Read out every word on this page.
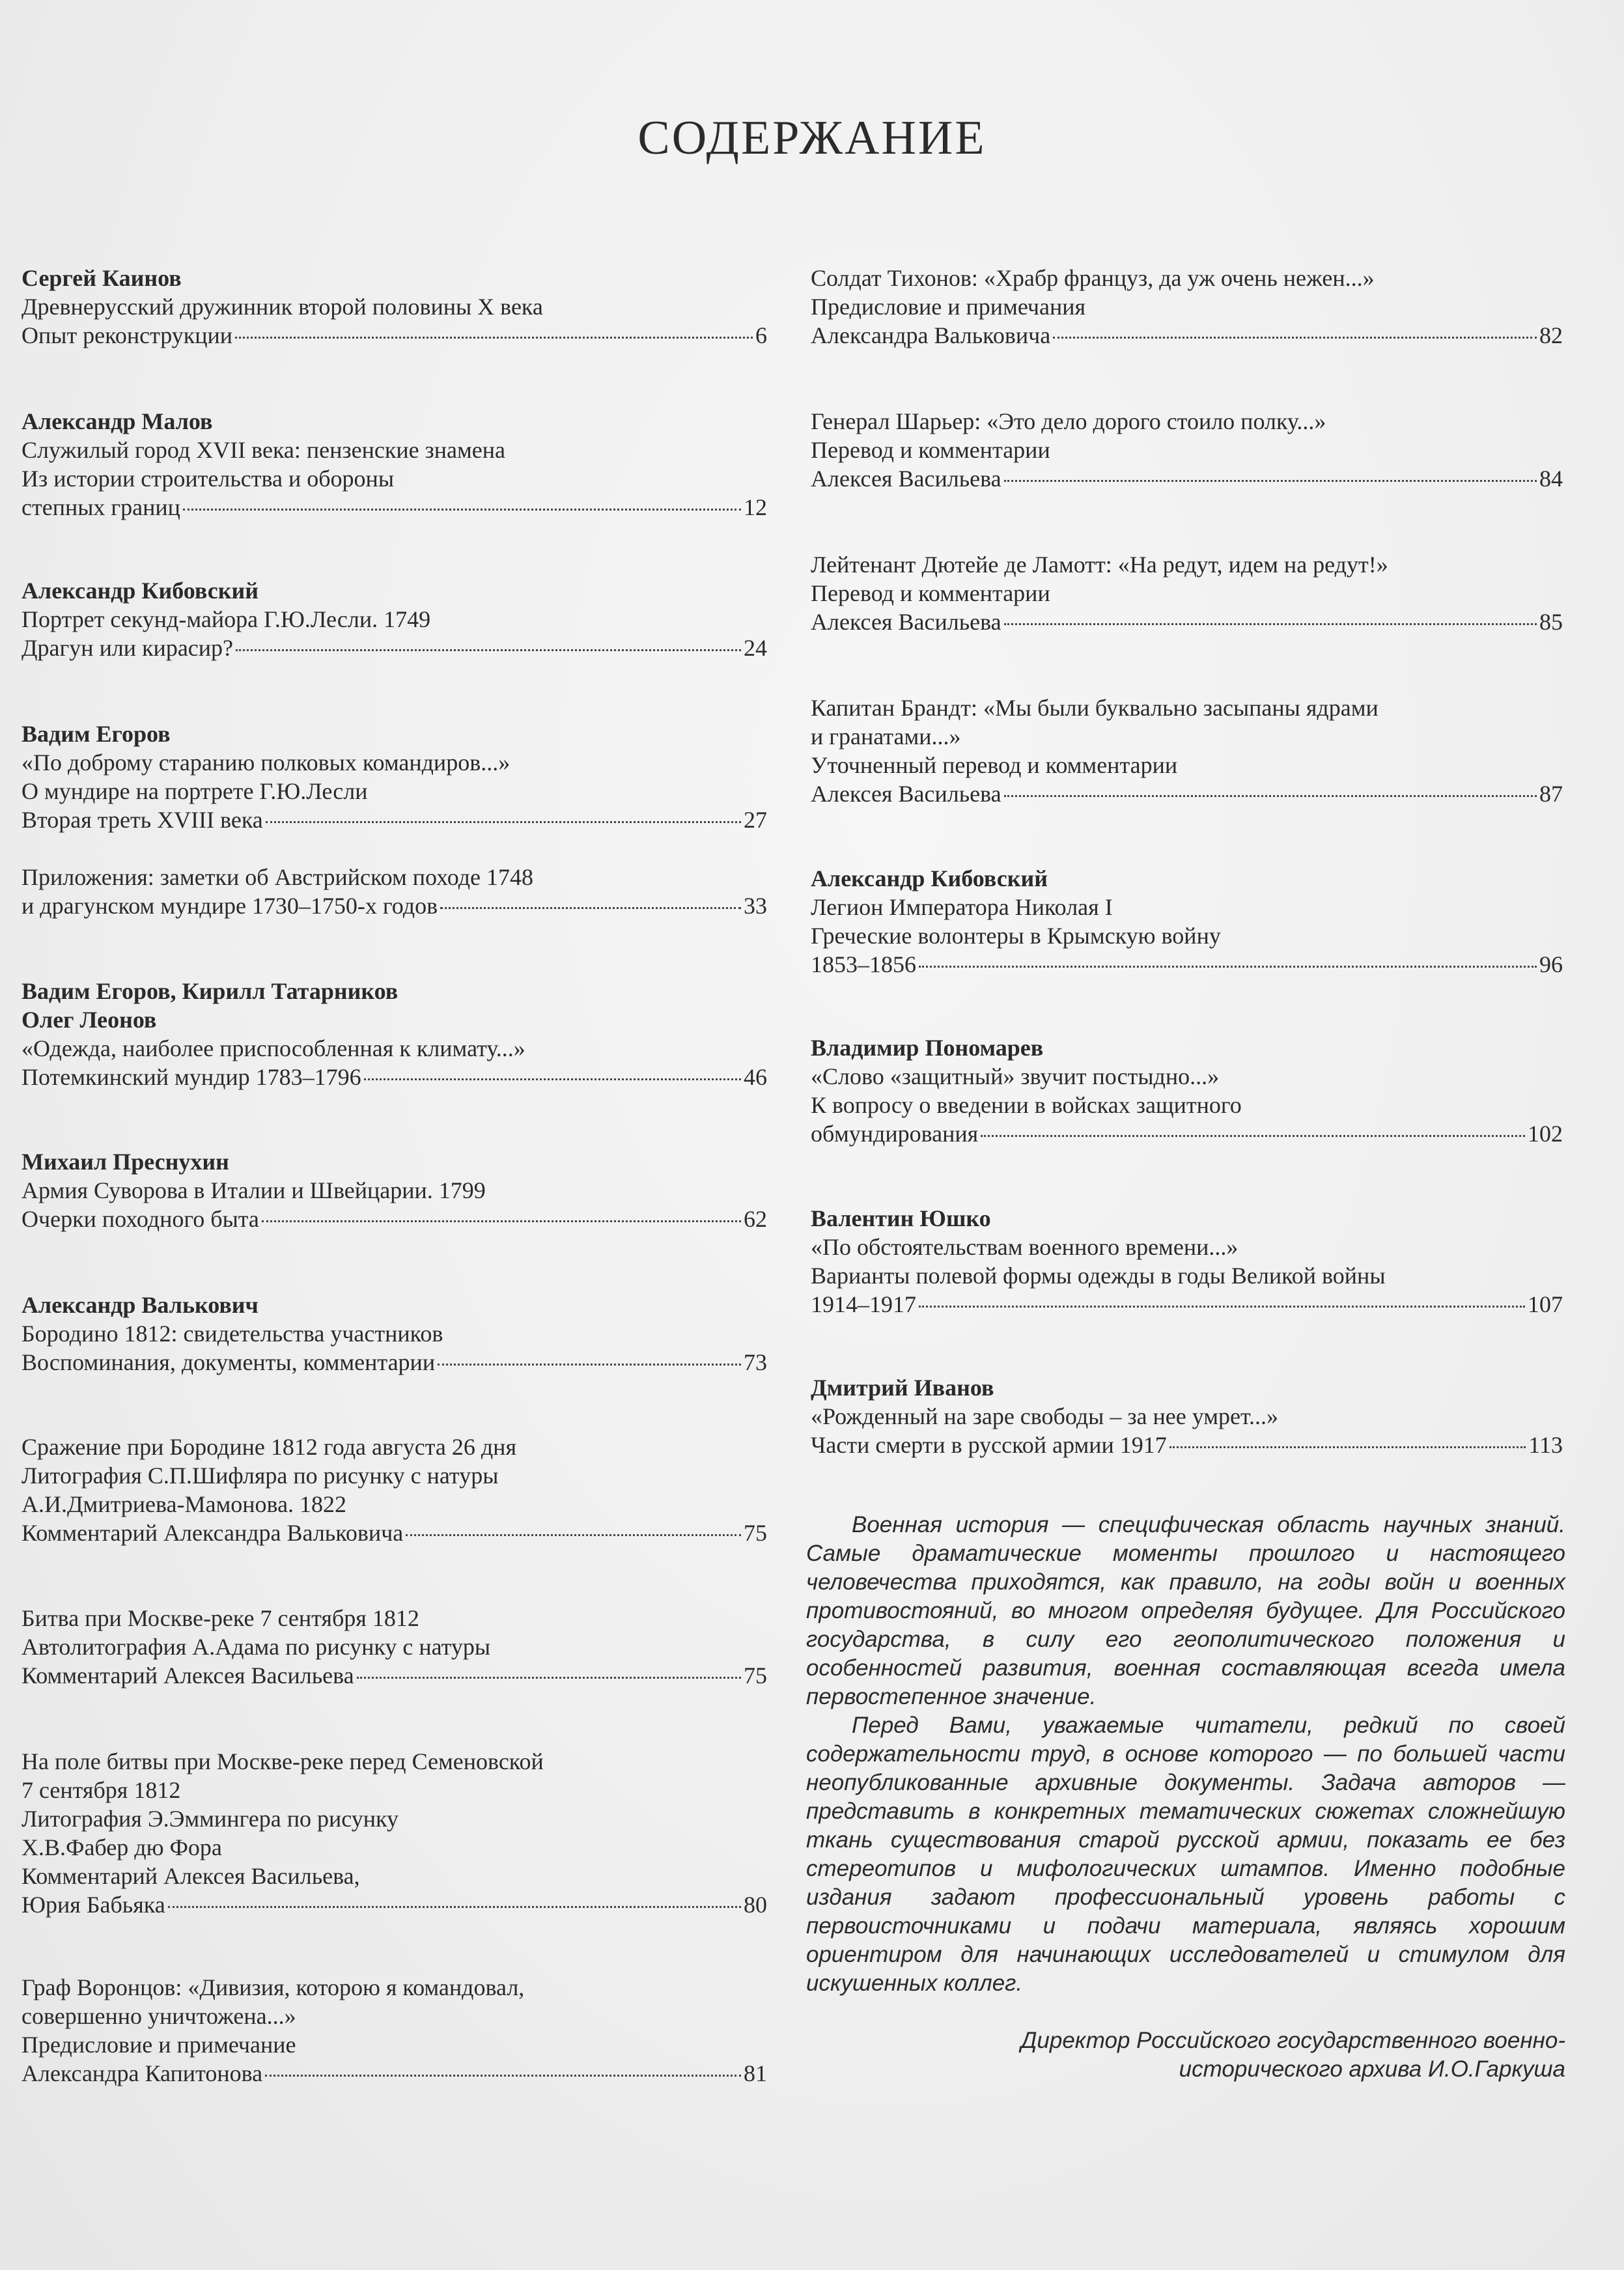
СОДЕРЖАНИЕ
Сергей Каинов
Древнерусский дружинник второй половины X века
Опыт реконструкции	6
Александр Малов
Служилый город XVII века: пензенские знамена
Из истории строительства и обороны
степных границ	12
Александр Кибовский
Портрет секунд-майора Г.Ю.Лесли. 1749
Драгун или кирасир?	24
Вадим Егоров
«По доброму старанию полковых командиров...»
О мундире на портрете Г.Ю.Лесли
Вторая треть XVIII века	27
Приложения: заметки об Австрийском походе 1748
и драгунском мундире 1730–1750-х годов	33
Вадим Егоров, Кирилл Татарников
Олег Леонов
«Одежда, наиболее приспособленная к климату...»
Потемкинский мундир 1783–1796	46
Михаил Преснухин
Армия Суворова в Италии и Швейцарии. 1799
Очерки походного быта	62
Александр Валькович
Бородино 1812: свидетельства участников
Воспоминания, документы, комментарии	73
Сражение при Бородине 1812 года августа 26 дня
Литография С.П.Шифляра по рисунку с натуры
А.И.Дмитриева-Мамонова. 1822
Комментарий Александра Вальковича	75
Битва при Москве-реке 7 сентября 1812
Автолитография А.Адама по рисунку с натуры
Комментарий Алексея Васильева	75
На поле битвы при Москве-реке перед Семеновской
7 сентября 1812
Литография Э.Эммингера по рисунку
Х.В.Фабер дю Фора
Комментарий Алексея Васильева,
Юрия Бабьяка	80
Граф Воронцов: «Дивизия, которою я командовал,
совершенно уничтожена...»
Предисловие и примечание
Александра Капитонова	81
Солдат Тихонов: «Храбр француз, да уж очень нежен...»
Предисловие и примечания
Александра Вальковича	82
Генерал Шарьер: «Это дело дорого стоило полку...»
Перевод и комментарии
Алексея Васильева	84
Лейтенант Дютейе де Ламотт: «На редут, идем на редут!»
Перевод и комментарии
Алексея Васильева	85
Капитан Брандт: «Мы были буквально засыпаны ядрами
и гранатами...»
Уточненный перевод и комментарии
Алексея Васильева	87
Александр Кибовский
Легион Императора Николая I
Греческие волонтеры в Крымскую войну
1853–1856	96
Владимир Пономарев
«Слово «защитный» звучит постыдно...»
К вопросу о введении в войсках защитного
обмундирования	102
Валентин Юшко
«По обстоятельствам военного времени...»
Варианты полевой формы одежды в годы Великой войны
1914–1917	107
Дмитрий Иванов
«Рожденный на заре свободы – за нее умрет...»
Части смерти в русской армии 1917	113

Военная история — специфическая область научных знаний. Самые драматические моменты прошлого и настоящего человечества приходятся, как правило, на годы войн и военных противостояний, во многом определяя будущее. Для Российского государства, в силу его геополитического положения и особенностей развития, военная составляющая всегда имела первостепенное значение.

Перед Вами, уважаемые читатели, редкий по своей содержательности труд, в основе которого — по большей части неопубликованные архивные документы. Задача авторов — представить в конкретных тематических сюжетах сложнейшую ткань существования старой русской армии, показать ее без стереотипов и мифологических штампов. Именно подобные издания задают профессиональный уровень работы с первоисточниками и подачи материала, являясь хорошим ориентиром для начинающих исследователей и стимулом для искушенных коллег.

Директор Российского государственного военно-
исторического архива И.О.Гаркуша
